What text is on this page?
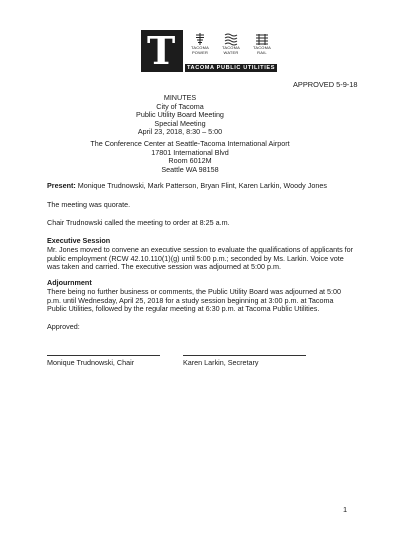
T	TACOMA
POWER
TACOMA
WATER
TACOMA
RAIL
TACOMA PUBLIC UTILITIES
APPROVED 5-9-18
MINUTES
City of Tacoma
Public Utility Board Meeting
Special Meeting
April 23, 2018, 8:30 – 5:00
The Conference Center at Seattle-Tacoma International Airport
17801 International Blvd
Room 6012M
Seattle WA 98158
Present: Monique Trudnowski, Mark Patterson, Bryan Flint, Karen Larkin, Woody Jones
The meeting was quorate.
Chair Trudnowski called the meeting to order at 8:25 a.m.
Executive Session
Mr. Jones moved to convene an executive session to evaluate the qualifications of applicants for
public employment (RCW 42.10.110(1)(g) until 5:00 p.m.; seconded by Ms. Larkin. Voice vote
was taken and carried. The executive session was adjourned at 5:00 p.m.
Adjournment
There being no further business or comments, the Public Utility Board was adjourned at 5:00
p.m. until Wednesday, April 25, 2018 for a study session beginning at 3:00 p.m. at Tacoma
Public Utilities, followed by the regular meeting at 6:30 p.m. at Tacoma Public Utilities.
Approved:
Monique Trudnowski, Chair	Karen Larkin, Secretary
1
